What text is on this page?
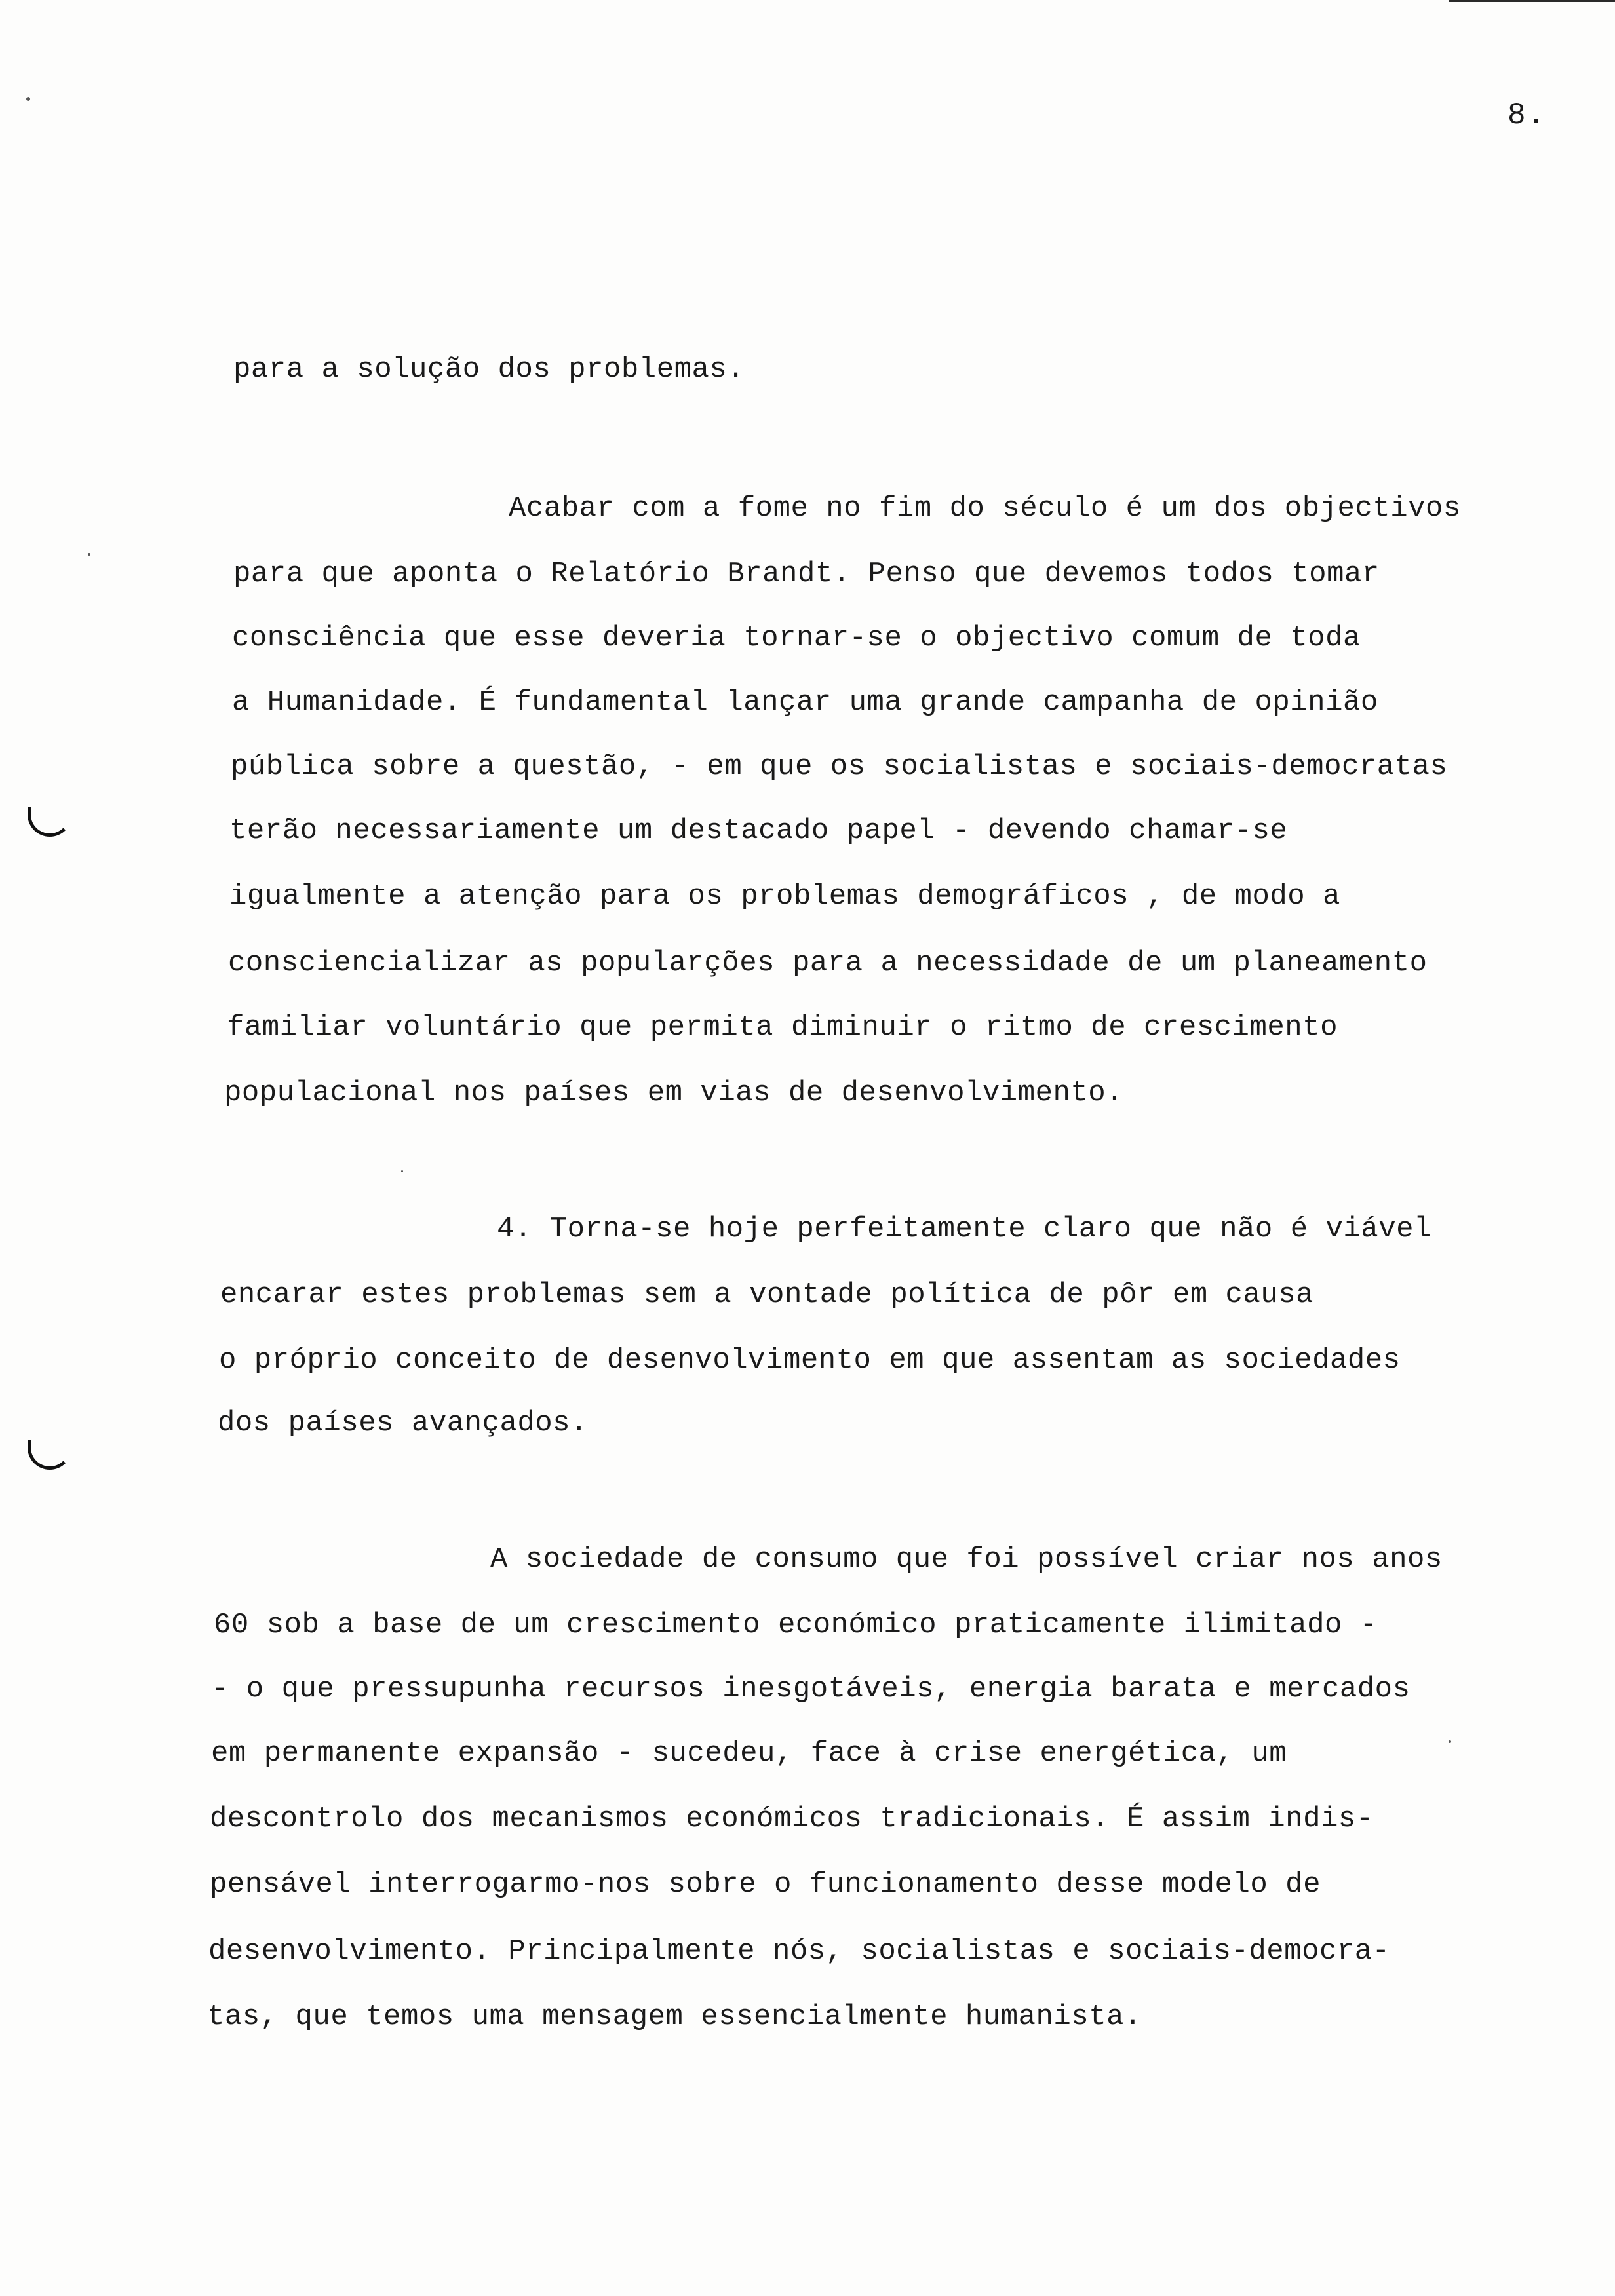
8.
para a solução dos problemas.
Acabar com a fome no fim do século é um dos objectivos
para que aponta o Relatório Brandt. Penso que devemos todos tomar
consciência que esse deveria tornar-se o objectivo comum de toda
a Humanidade. É fundamental lançar uma grande campanha de opinião
pública sobre a questão, - em que os socialistas e sociais-democratas
terão necessariamente um destacado papel - devendo chamar-se
igualmente a atenção para os problemas demográficos , de modo a
consciencializar as popularções para a necessidade de um planeamento
familiar voluntário que permita diminuir o ritmo de crescimento
populacional nos países em vias de desenvolvimento.
4. Torna-se hoje perfeitamente claro que não é viável
encarar estes problemas sem a vontade política de pôr em causa
o próprio conceito de desenvolvimento em que assentam as sociedades
dos países avançados.
A sociedade de consumo que foi possível criar nos anos
60 sob a base de um crescimento económico praticamente ilimitado -
- o que pressupunha recursos inesgotáveis, energia barata e mercados
em permanente expansão - sucedeu, face à crise energética, um
descontrolo dos mecanismos económicos tradicionais. É assim indis-
pensável interrogarmo-nos sobre o funcionamento desse modelo de
desenvolvimento. Principalmente nós, socialistas e sociais-democra-
tas, que temos uma mensagem essencialmente humanista.
